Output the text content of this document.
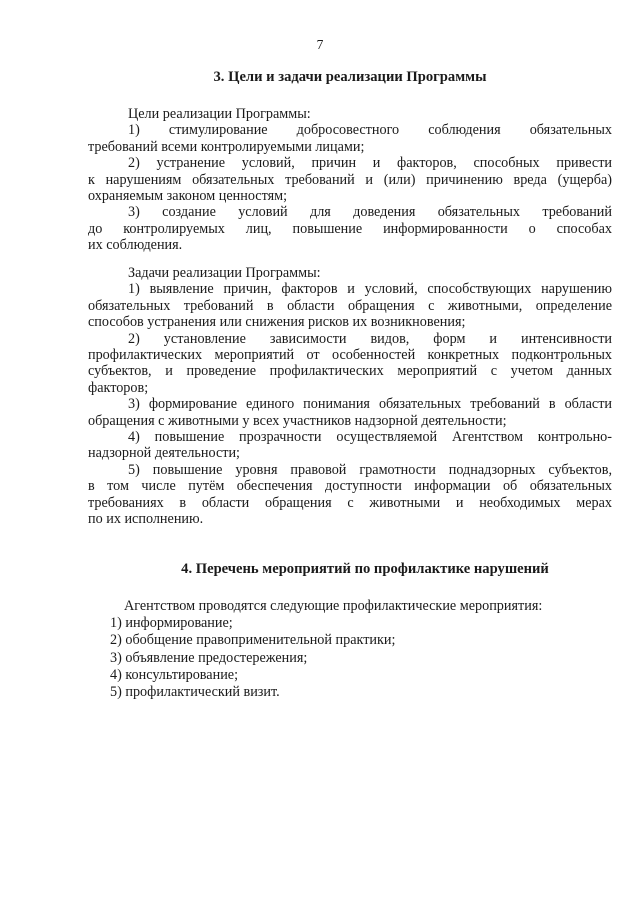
7
3. Цели и задачи реализации Программы

Цели реализации Программы:

1) стимулирование добросовестного соблюдения обязательных

требований всеми контролируемыми лицами;

2) устранение условий, причин и факторов, способных привести

к нарушениям обязательных требований и (или) причинению вреда (ущерба)

охраняемым законом ценностям;

3) создание условий для доведения обязательных требований

до контролируемых лиц, повышение информированности о способах

их соблюдения.

Задачи реализации Программы:

1) выявление причин, факторов и условий, способствующих нарушению

обязательных требований в области обращения с животными, определение

способов устранения или снижения рисков их возникновения;

2) установление зависимости видов, форм и интенсивности

профилактических мероприятий от особенностей конкретных подконтрольных

субъектов, и проведение профилактических мероприятий с учетом данных

факторов;

3) формирование единого понимания обязательных требований в области

обращения с животными у всех участников надзорной деятельности;

4) повышение прозрачности осуществляемой Агентством контрольно-

надзорной деятельности;

5) повышение уровня правовой грамотности поднадзорных субъектов,

в том числе путём обеспечения доступности информации об обязательных

требованиях в области обращения с животными и необходимых мерах

по их исполнению.

4. Перечень мероприятий по профилактике нарушений

Агентством проводятся следующие профилактические мероприятия:

1) информирование;

2) обобщение правоприменительной практики;

3) объявление предостережения;

4) консультирование;

5) профилактический визит.
